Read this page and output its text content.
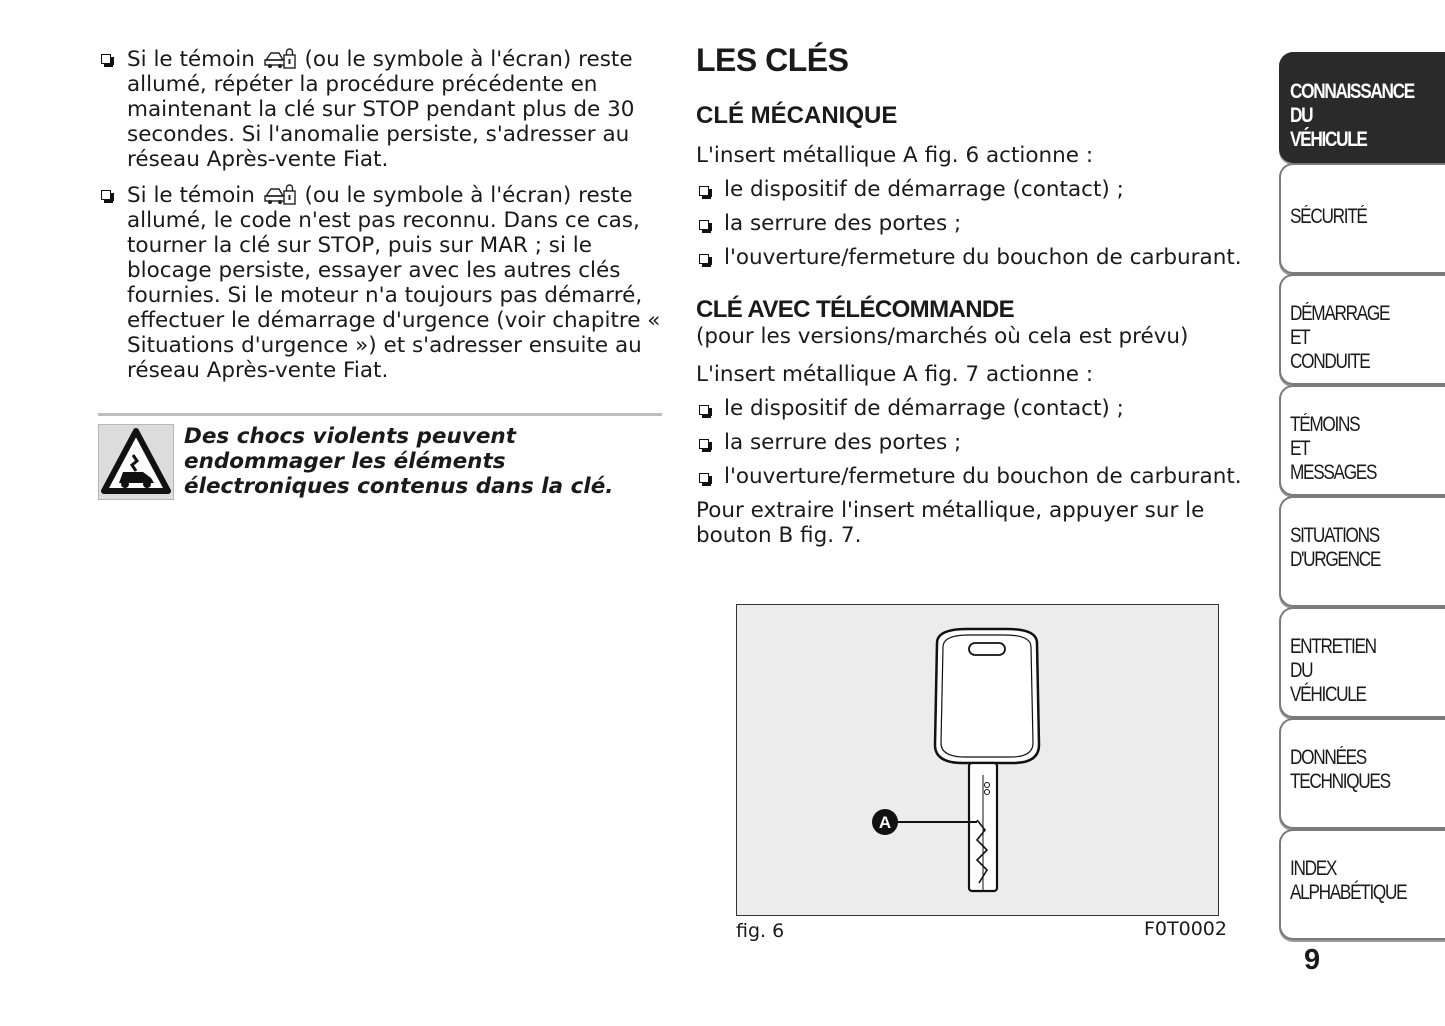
Si le témoin (ou le symbole à l'écran) reste allumé, répéter la procédure précédente en maintenant la clé sur STOP pendant plus de 30 secondes. Si l'anomalie persiste, s'adresser au réseau Après-vente Fiat.

Si le témoin (ou le symbole à l'écran) reste allumé, le code n'est pas reconnu. Dans ce cas, tourner la clé sur STOP, puis sur MAR ; si le blocage persiste, essayer avec les autres clés fournies. Si le moteur n'a toujours pas démarré, effectuer le démarrage d'urgence (voir chapitre « Situations d'urgence ») et s'adresser ensuite au réseau Après-vente Fiat.

Des chocs violents peuvent endommager les éléments électroniques contenus dans la clé.

LES CLÉS
CLÉ MÉCANIQUE

L'insert métallique A fig. 6 actionne :

le dispositif de démarrage (contact) ;
la serrure des portes ;
l'ouverture/fermeture du bouchon de carburant.
CLÉ AVEC TÉLÉCOMMANDE

(pour les versions/marchés où cela est prévu)

L'insert métallique A fig. 7 actionne :

le dispositif de démarrage (contact) ;
la serrure des portes ;
l'ouverture/fermeture du bouchon de carburant.

Pour extraire l'insert métallique, appuyer sur le bouton B fig. 7.

A
fig. 6	F0T0002
CONNAISSANCE DU VÉHICULE
SÉCURITÉ
DÉMARRAGE ET CONDUITE
TÉMOINS ET MESSAGES
SITUATIONS D'URGENCE
ENTRETIEN DU VÉHICULE
DONNÉES TECHNIQUES
INDEX ALPHABÉTIQUE
9
